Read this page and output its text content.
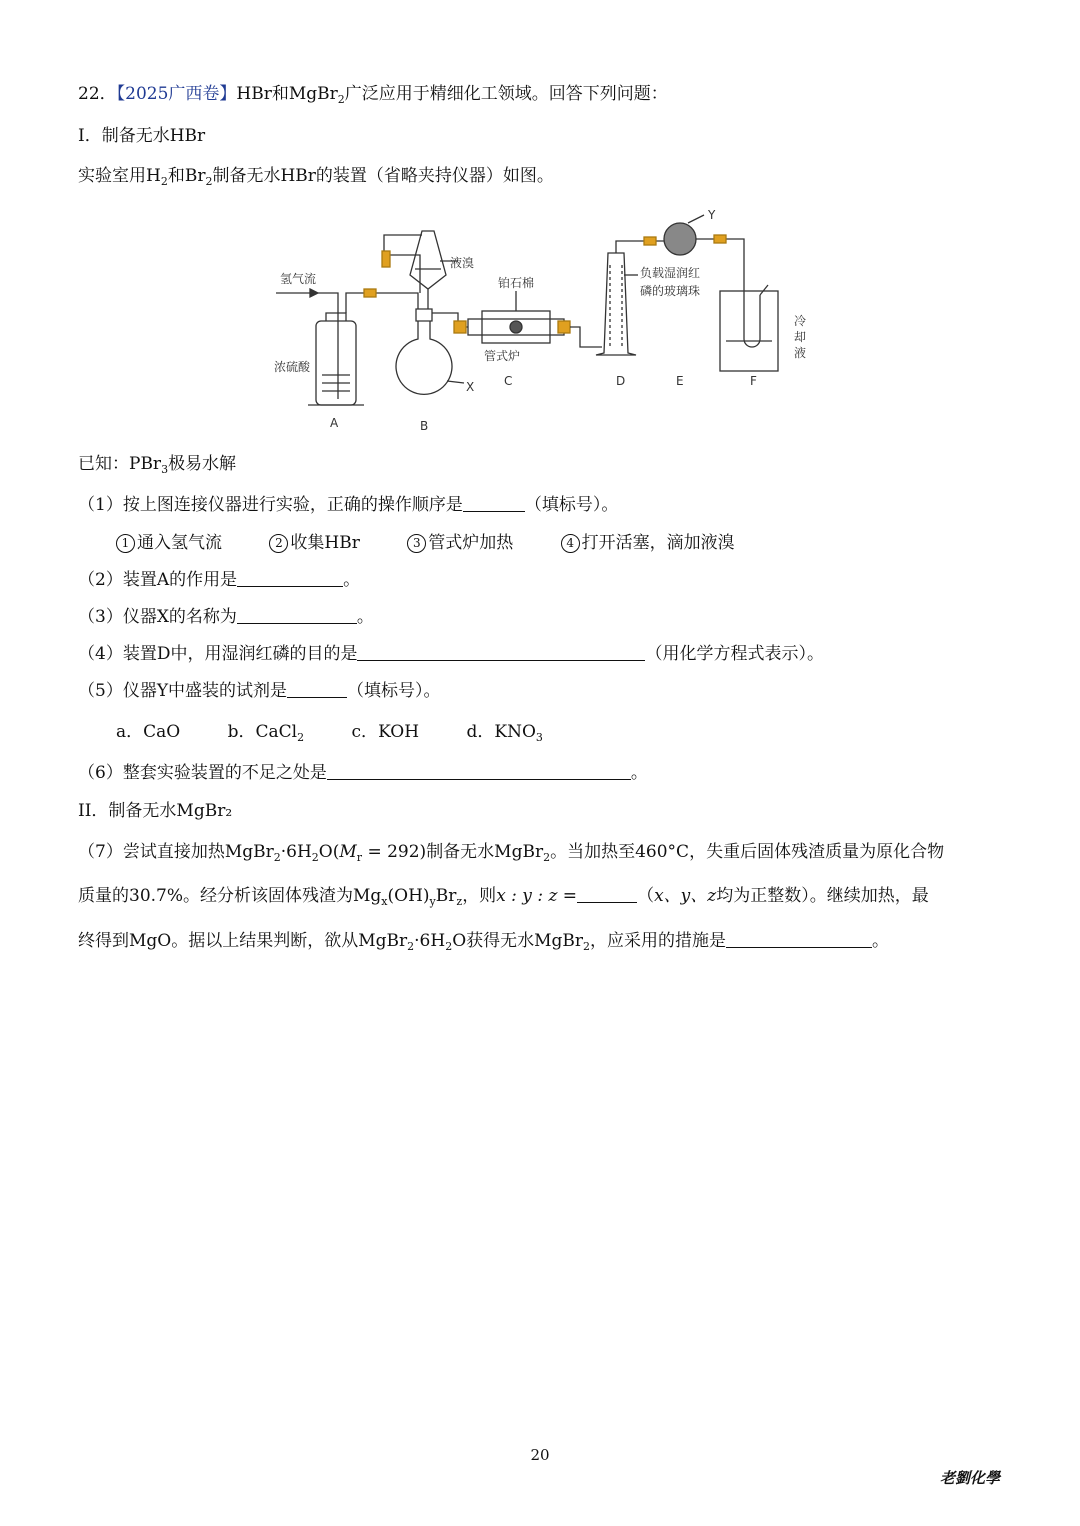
22．【2025广西卷】HBr和MgBr$_2$广泛应用于精细化工领域。回答下列问题：
I．制备无水HBr
实验室用$H_2$和$Br_2$制备无水HBr的装置（省略夹持仪器）如图。
氢气流
液溴
铂石棉
管式炉
浓硫酸
X
Y
负载湿润红
磷的玻璃珠
冷
却
液
A	B
C	D	E	F
已知：PBr$_3$极易水解
（1）按上图连接仪器进行实验，正确的操作顺序是	（填标号）。
1 通入氢气流	2 收集HBr	3 管式炉加热	4 打开活塞，滴加液溴
（2）装置A的作用是	。
（3）仪器X的名称为	。
（4）装置D中，用湿润红磷的目的是	（用化学方程式表示）。
（5）仪器Y中盛装的试剂是	（填标号）。
a．CaO	b．CaCl$_2$	c．KOH	d．$KNO_3$
（6）整套实验装置的不足之处是	。
II．制备无水MgBr₂
（7）尝试直接加热$MgBr_2\cdot 6H_2O(M_r = 292)$制备无水MgBr$_2$。当加热至460°C，失重后固体残渣质量为原化合物
质量的30.7%。经分析该固体残渣为$Mg_x(OH)_yBr_z$，则x : y : z =	（x、y、z均为正整数）。继续加热，最
终得到MgO。据以上结果判断，欲从$MgBr_2\cdot 6H_2O$获得无水MgBr$_2$，应采用的措施是	。
20
老劉化學
